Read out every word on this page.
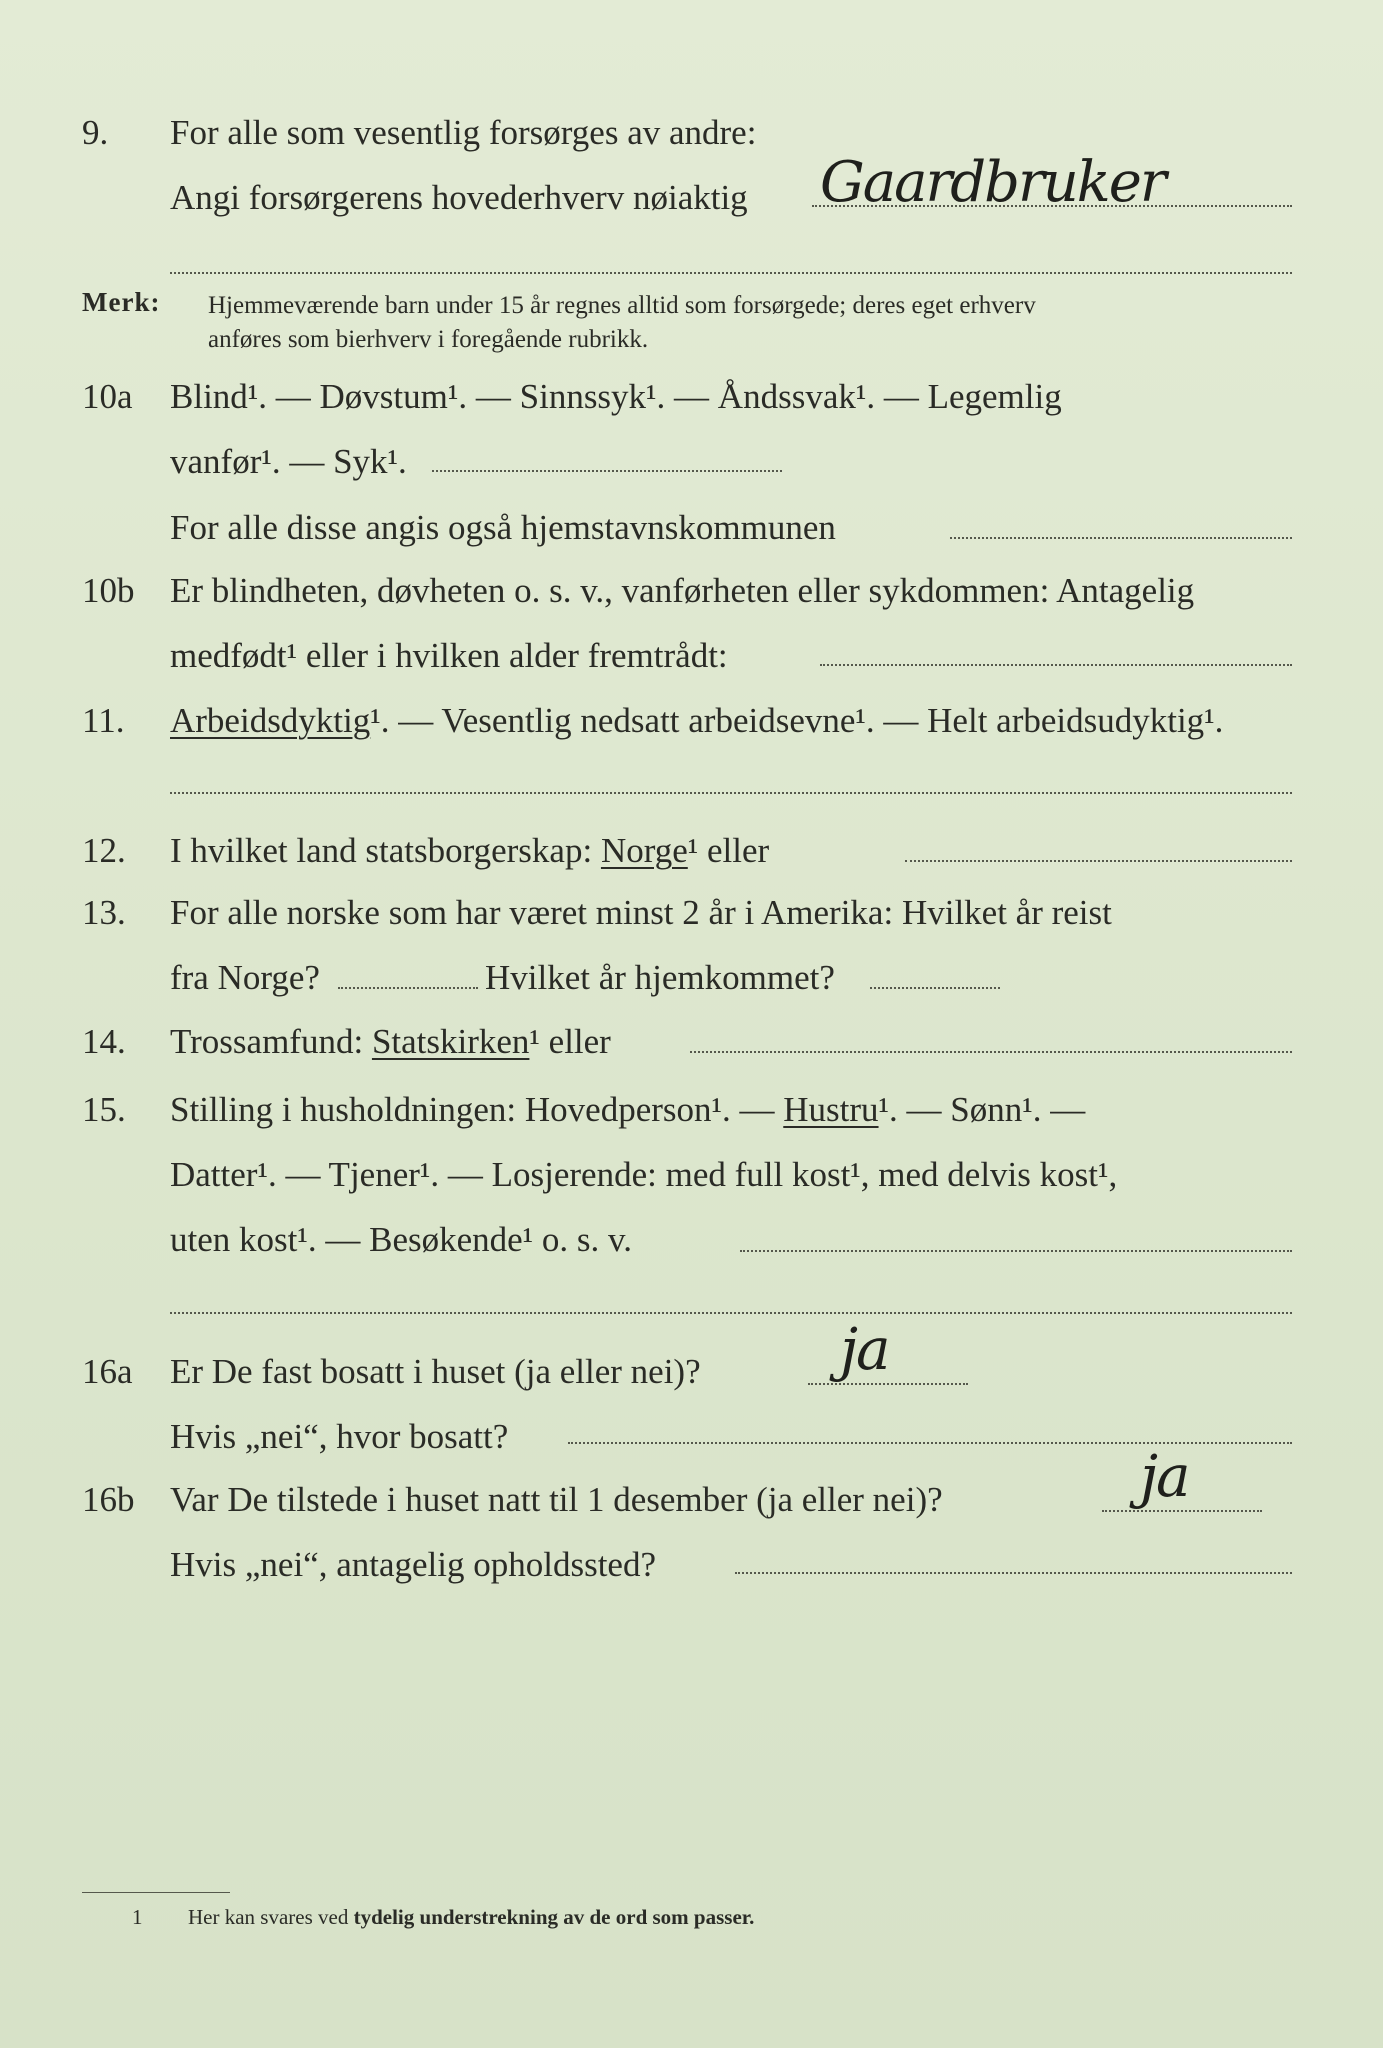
9. For alle som vesentlig forsørges av andre:
Angi forsørgerens hovederhverv nøiaktig Gaardbruker
Merk: Hjemmeværende barn under 15 år regnes alltid som forsørgede; deres eget erhverv
anføres som bierhverv i foregående rubrikk.
10a Blind¹. — Døvstum¹. — Sinnssyk¹. — Åndssvak¹. — Legemlig
vanfør¹. — Syk¹.
For alle disse angis også hjemstavnskommunen
10b Er blindheten, døvheten o. s. v., vanførheten eller sykdommen: Antagelig
medfødt¹ eller i hvilken alder fremtrådt:
11. Arbeidsdyktig¹. — Vesentlig nedsatt arbeidsevne¹. — Helt arbeidsudyktig¹.
12. I hvilket land statsborgerskap: Norge¹ eller
13. For alle norske som har været minst 2 år i Amerika: Hvilket år reist
fra Norge?	Hvilket år hjemkommet?
14. Trossamfund: Statskirken¹ eller
15. Stilling i husholdningen: Hovedperson¹. — Hustru¹. — Sønn¹. —
Datter¹. — Tjener¹. — Losjerende: med full kost¹, med delvis kost¹,
uten kost¹. — Besøkende¹ o. s. v.
16a Er De fast bosatt i huset (ja eller nei)? ja
Hvis „nei“, hvor bosatt?
16b Var De tilstede i huset natt til 1 desember (ja eller nei)?	ja
Hvis „nei“, antagelig opholdssted?
1 Her kan svares ved tydelig understrekning av de ord som passer.
